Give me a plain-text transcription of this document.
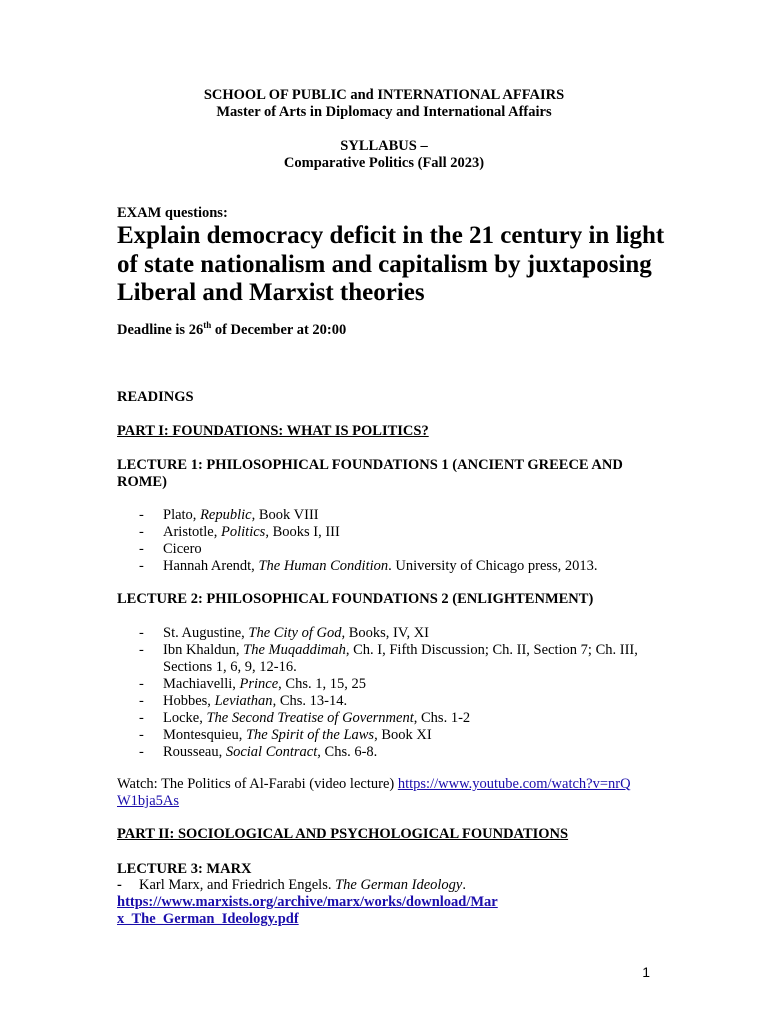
SCHOOL OF PUBLIC and INTERNATIONAL AFFAIRS
Master of Arts in Diplomacy and International Affairs
SYLLABUS –
Comparative Politics (Fall 2023)
EXAM questions:
Explain democracy deficit in the 21 century in light of state nationalism and capitalism by juxtaposing Liberal and Marxist theories
Deadline is 26th of December at 20:00
READINGS
PART I: FOUNDATIONS: WHAT IS POLITICS?
LECTURE 1: PHILOSOPHICAL FOUNDATIONS 1 (ANCIENT GREECE AND ROME)
- Plato, Republic, Book VIII
- Aristotle, Politics, Books I, III
- Cicero
- Hannah Arendt, The Human Condition. University of Chicago press, 2013.
LECTURE 2: PHILOSOPHICAL FOUNDATIONS 2 (ENLIGHTENMENT)
- St. Augustine, The City of God, Books, IV, XI
- Ibn Khaldun, The Muqaddimah, Ch. I, Fifth Discussion; Ch. II, Section 7; Ch. III, Sections 1, 6, 9, 12-16.
- Machiavelli, Prince, Chs. 1, 15, 25
- Hobbes, Leviathan, Chs. 13-14.
- Locke, The Second Treatise of Government, Chs. 1-2
- Montesquieu, The Spirit of the Laws, Book XI
- Rousseau, Social Contract, Chs. 6-8.
Watch: The Politics of Al-Farabi (video lecture) https://www.youtube.com/watch?v=nrQW1bja5As
PART II: SOCIOLOGICAL AND PSYCHOLOGICAL FOUNDATIONS
LECTURE 3: MARX
- Karl Marx, and Friedrich Engels. The German Ideology.
https://www.marxists.org/archive/marx/works/download/Marx_The_German_Ideology.pdf
1
